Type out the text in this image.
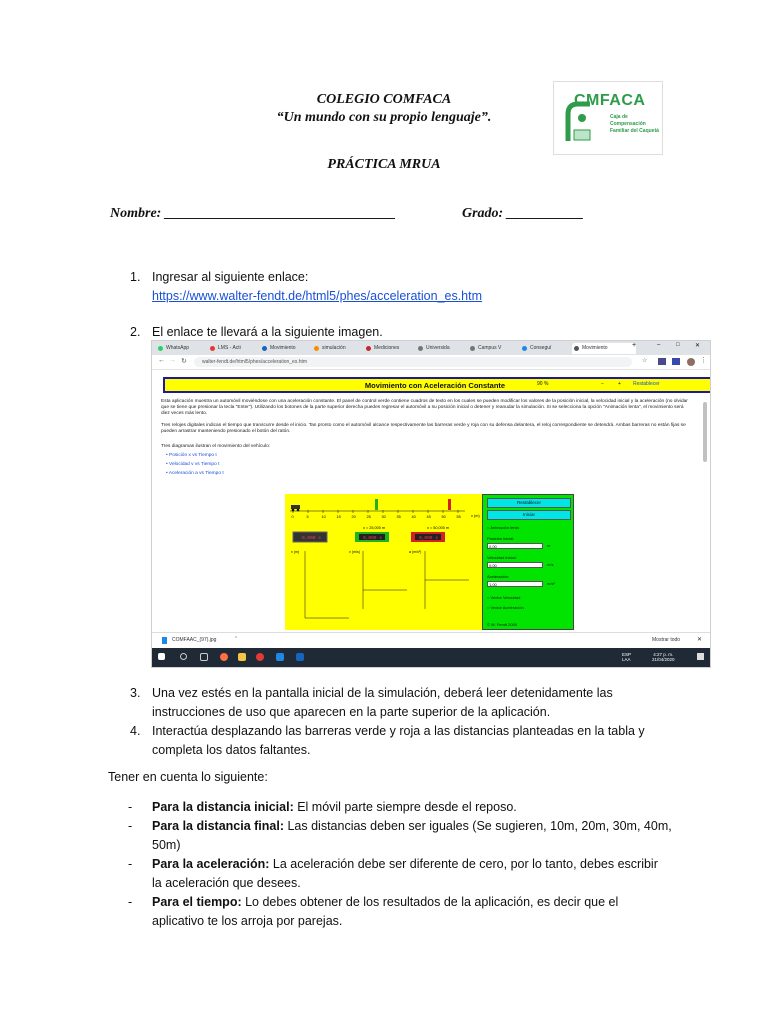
COLEGIO COMFACA
“Un mundo con su propio lenguaje”.
PRÁCTICA MRUA
CMFACA
Caja de Compensación Familiar del Caquetá
Nombre: _________________________________	Grado: ___________
1. Ingresar al siguiente enlace:
https://www.walter-fendt.de/html5/phes/acceleration_es.htm
2. El enlace te llevará a la siguiente imagen.
WhatsApp	LMS - Acti	Movimiento	simulación	Mediciones	Universida	Campus V	Conseguí	Movimiento	+	–	□	✕
← → ↻	walter-fendt.de/html5/phes/acceleration_es.htm	☆	⋮
Movimiento con Aceleración Constante	90 %	−	+ Restablecer
Esta aplicación muestra un automóvil moviéndose con una aceleración constante. El panel de control verde contiene cuadros de texto en los cuales se pueden modificar los valores de la posición inicial, la velocidad inicial y la aceleración (no olvidar que se tiene que presionar la tecla "Enter"). Utilizando los botones de la parte superior derecha puedes regresar el automóvil a su posición inicial o detener y reanudar la simulación. Si se selecciona la opción "Animación lenta", el movimiento será diez veces más lento.
Tres relojes digitales indican el tiempo que transcurre desde el inicio. Tan pronto como el automóvil alcance respectivamente las barreras verde y roja con su defensa delantera, el reloj correspondiente se detendrá. Ambas barreras no están fijas se pueden arrastrar manteniendo presionado el botón del ratón.
Tres diagramas ilustran el movimiento del vehículo:
• Posición x vs Tiempo t
• Velocidad v vs Tiempo t
• Aceleración a vs Tiempo t
x (m)
0	5	10	15	20	25	30	35	40	45	50	55
x = 25,000 m	x = 50,000 m
0,000 s	0,000 s	0,000 s
x (m)	v (m/s)	a (m/s²)
Restablecer
Iniciar
○ Animación lenta
Posición inicial:
0,00	m
Velocidad inicial:
0,00	m/s
Aceleración:
1,00	m/s²
○ Vector Velocidad
○ Vector Aceleración
© W. Fendt 2000
COMFAAC_(97).jpg	⌃	Mostrar todo	✕
ESP
LAA
4:27 p. m.
21/04/2020
3. Una vez estés en la pantalla inicial de la simulación, deberá leer detenidamente las
instrucciones de uso que aparecen en la parte superior de la aplicación.
4. Interactúa desplazando las barreras verde y roja a las distancias planteadas en la tabla y
completa los datos faltantes.
Tener en cuenta lo siguiente:
- Para la distancia inicial: El móvil parte siempre desde el reposo.
- Para la distancia final: Las distancias deben ser iguales (Se sugieren, 10m, 20m, 30m, 40m,
50m)
- Para la aceleración: La aceleración debe ser diferente de cero, por lo tanto, debes escribir
la aceleración que desees.
- Para el tiempo: Lo debes obtener de los resultados de la aplicación, es decir que el
aplicativo te los arroja por parejas.
